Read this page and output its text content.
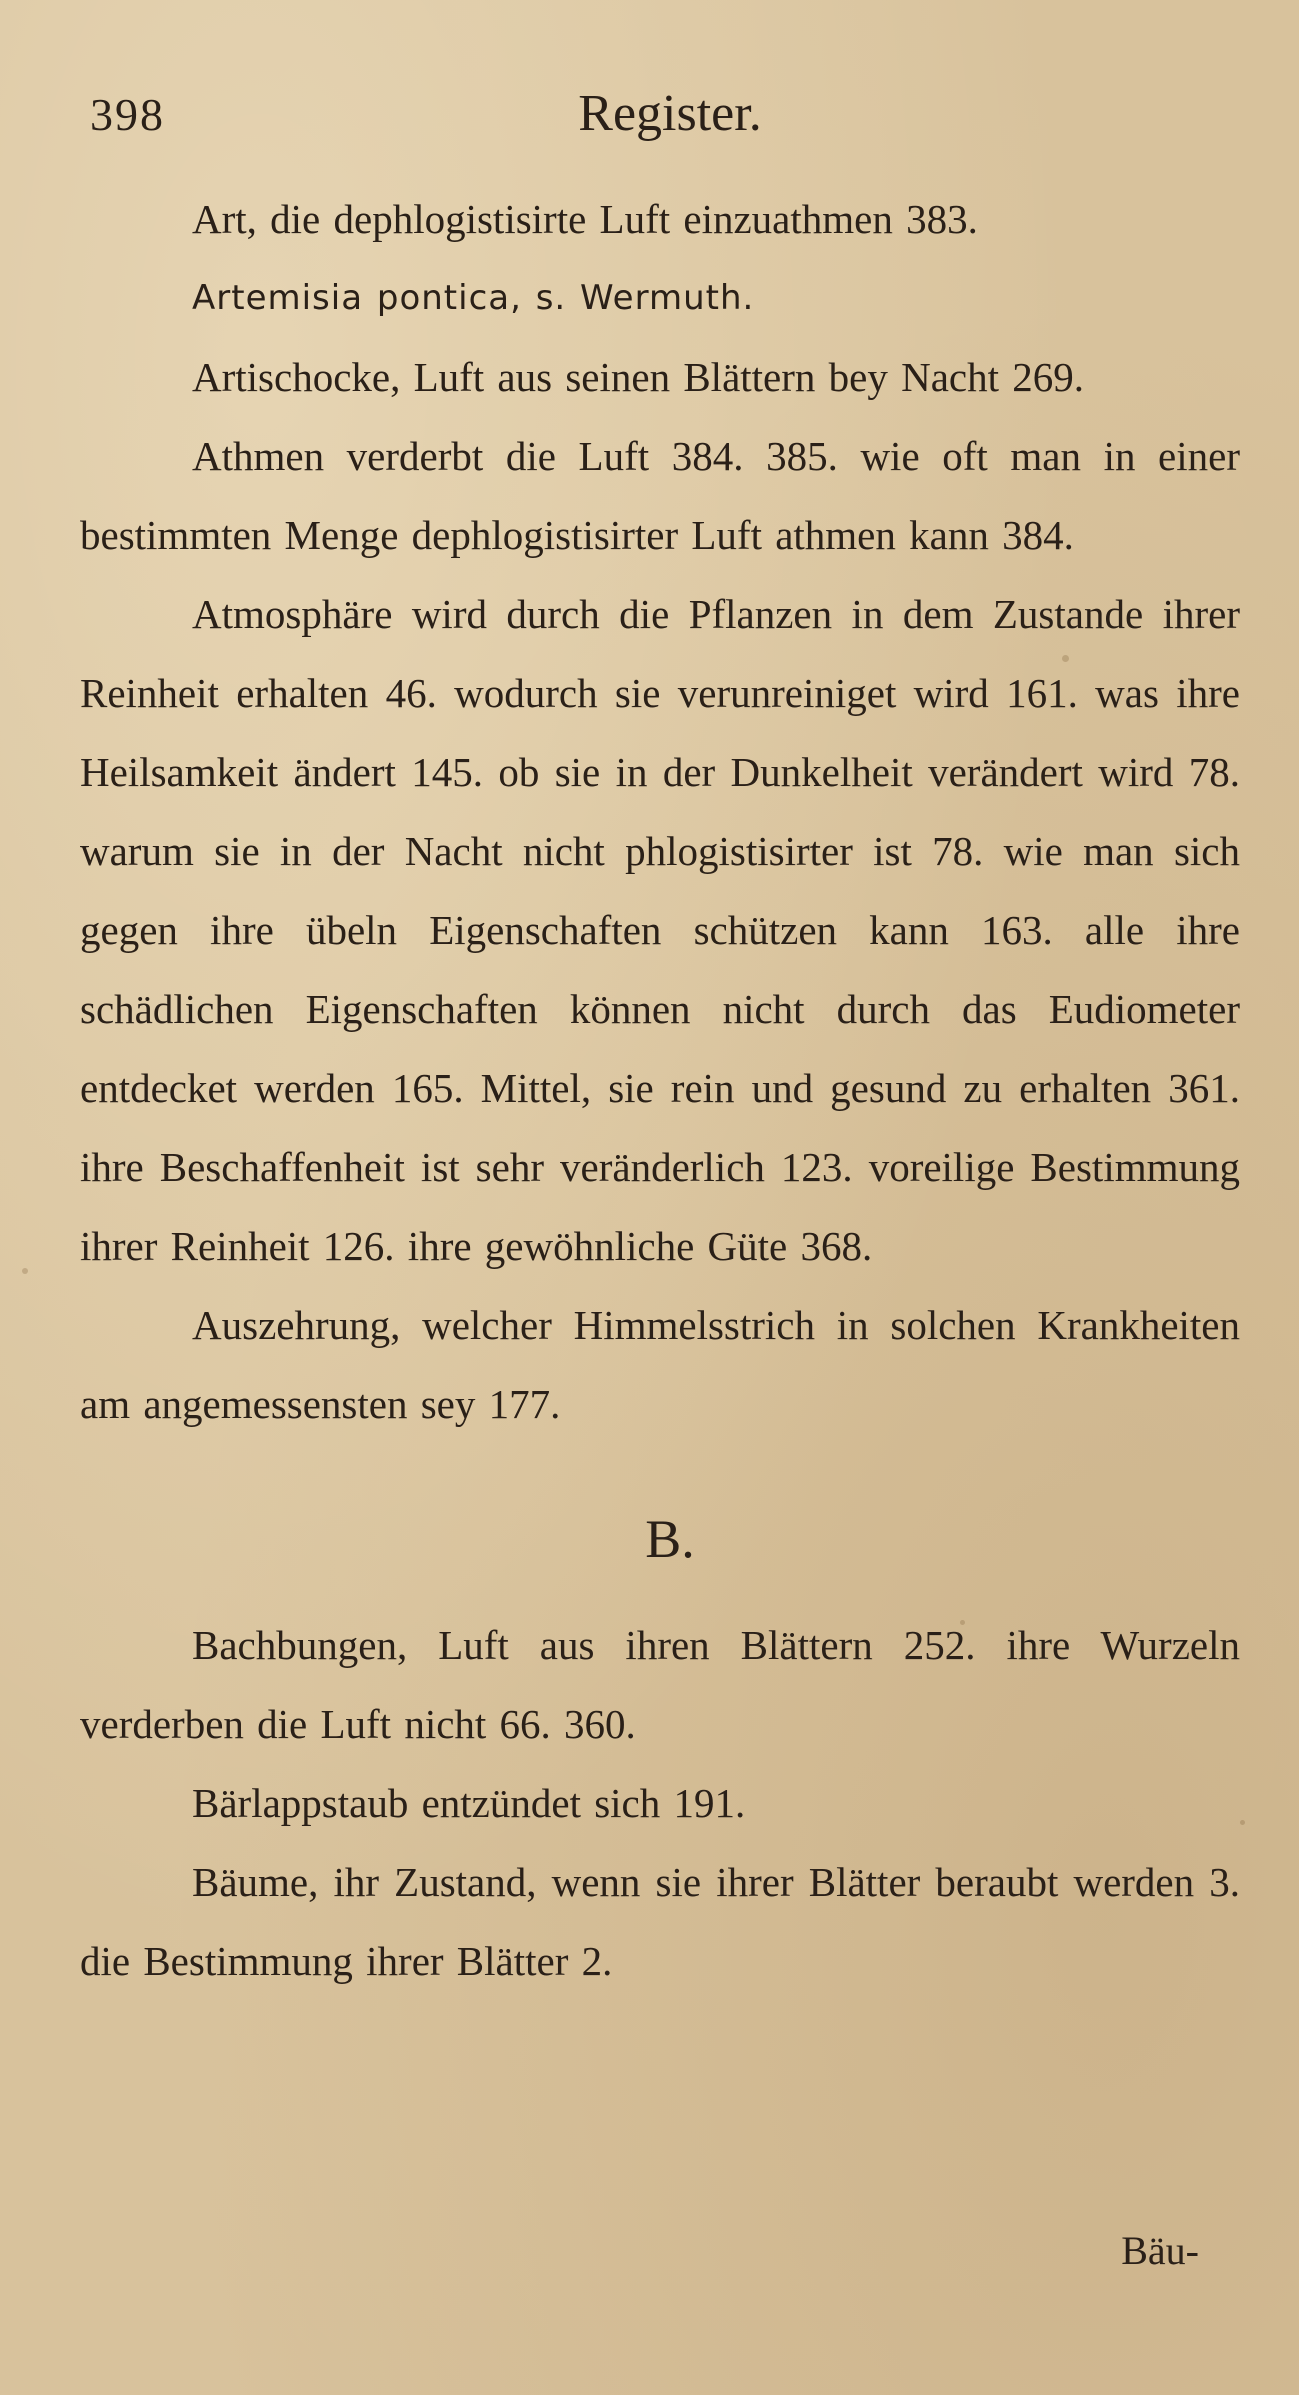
398	Register.

Art, die dephlogistisirte Luft einzuathmen 383.

Artemisia pontica, s. Wermuth.

Artischocke, Luft aus seinen Blättern bey Nacht 269.

Athmen verderbt die Luft 384. 385. wie oft man in einer bestimmten Menge dephlogistisirter Luft athmen kann 384.

Atmosphäre wird durch die Pflanzen in dem Zustande ihrer Reinheit erhalten 46. wodurch sie verunreiniget wird 161. was ihre Heilsamkeit ändert 145. ob sie in der Dunkelheit verändert wird 78. warum sie in der Nacht nicht phlogistisirter ist 78. wie man sich gegen ihre übeln Eigenschaften schützen kann 163. alle ihre schädlichen Eigenschaften können nicht durch das Eudiometer entdecket werden 165. Mittel, sie rein und gesund zu erhalten 361. ihre Beschaffenheit ist sehr veränderlich 123. voreilige Bestimmung ihrer Reinheit 126. ihre gewöhnliche Güte 368.

Auszehrung, welcher Himmelsstrich in solchen Krankheiten am angemessensten sey 177.

B.

Bachbungen, Luft aus ihren Blättern 252. ihre Wurzeln verderben die Luft nicht 66. 360.

Bärlappstaub entzündet sich 191.

Bäume, ihr Zustand, wenn sie ihrer Blätter beraubt werden 3. die Bestimmung ihrer Blätter 2.

Bäu-
